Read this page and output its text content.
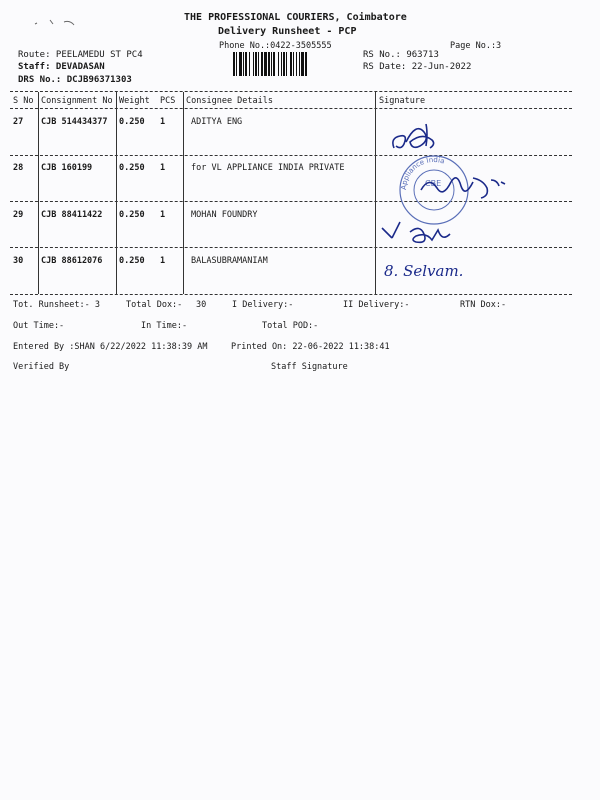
THE PROFESSIONAL COURIERS, Coimbatore
Delivery Runsheet - PCP
Phone No.:0422-3505555	Page No.:3
Route: PEELAMEDU ST PC4
Staff: DEVADASAN
DRS No.: DCJB96371303
RS No.: 963713
RS Date: 22-Jun-2022
S No Consignment No Weight PCS Consignee Details	Signature
27 CJB 514434377 0.250 1	ADITYA ENG
28 CJB 160199	0.250 1	for VL APPLIANCE INDIA PRIVATE
29 CJB 88411422 0.250 1	MOHAN FOUNDRY
30 CJB 88612076 0.250 1	BALASUBRAMANIAM
Appliance India
CBE
8. Selvam.
Tot. Runsheet:- 3	Total Dox:- 30	I Delivery:-	II Delivery:-	RTN Dox:-
Out Time:-	In Time:-	Total POD:-
Entered By :SHAN 6/22/2022 11:38:39 AM	Printed On: 22-06-2022 11:38:41
Verified By	Staff Signature
